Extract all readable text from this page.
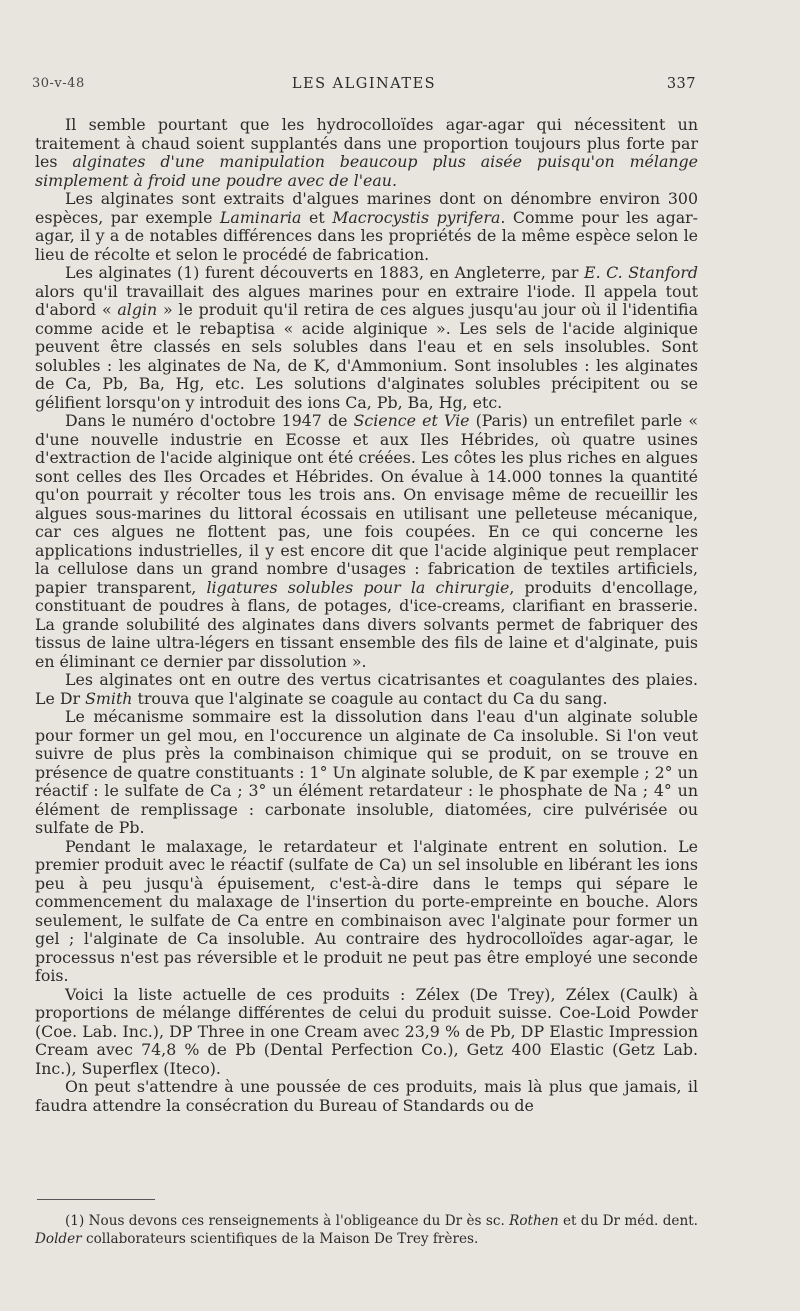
30-v-48	LES ALGINATES	337

Il semble pourtant que les hydrocolloïdes agar-agar qui nécessitent un traitement à chaud soient supplantés dans une proportion toujours plus forte par les alginates d'une manipulation beaucoup plus aisée puisqu'on mélange simplement à froid une poudre avec de l'eau.

Les alginates sont extraits d'algues marines dont on dénombre environ 300 espèces, par exemple Laminaria et Macrocystis pyrifera. Comme pour les agar-agar, il y a de notables différences dans les propriétés de la même espèce selon le lieu de récolte et selon le procédé de fabrication.

Les alginates (1) furent découverts en 1883, en Angleterre, par E. C. Stanford alors qu'il travaillait des algues marines pour en extraire l'iode. Il appela tout d'abord « algin » le produit qu'il retira de ces algues jusqu'au jour où il l'identifia comme acide et le rebaptisa « acide alginique ». Les sels de l'acide alginique peuvent être classés en sels solubles dans l'eau et en sels insolubles. Sont solubles : les alginates de Na, de K, d'Ammonium. Sont insolubles : les alginates de Ca, Pb, Ba, Hg, etc. Les solutions d'alginates solubles précipitent ou se gélifient lorsqu'on y introduit des ions Ca, Pb, Ba, Hg, etc.

Dans le numéro d'octobre 1947 de Science et Vie (Paris) un entrefilet parle « d'une nouvelle industrie en Ecosse et aux Iles Hébrides, où quatre usines d'extraction de l'acide alginique ont été créées. Les côtes les plus riches en algues sont celles des Iles Orcades et Hébrides. On évalue à 14.000 tonnes la quantité qu'on pourrait y récolter tous les trois ans. On envisage même de recueillir les algues sous-marines du littoral écossais en utilisant une pelleteuse mécanique, car ces algues ne flottent pas, une fois coupées. En ce qui concerne les applications industrielles, il y est encore dit que l'acide alginique peut remplacer la cellulose dans un grand nombre d'usages : fabrication de textiles artificiels, papier transparent, ligatures solubles pour la chirurgie, produits d'encollage, constituant de poudres à flans, de potages, d'ice-creams, clarifiant en brasserie. La grande solubilité des alginates dans divers solvants permet de fabriquer des tissus de laine ultra-légers en tissant ensemble des fils de laine et d'alginate, puis en éliminant ce dernier par dissolution ».

Les alginates ont en outre des vertus cicatrisantes et coagulantes des plaies. Le Dr Smith trouva que l'alginate se coagule au contact du Ca du sang.

Le mécanisme sommaire est la dissolution dans l'eau d'un alginate soluble pour former un gel mou, en l'occurence un alginate de Ca insoluble. Si l'on veut suivre de plus près la combinaison chimique qui se produit, on se trouve en présence de quatre constituants : 1° Un alginate soluble, de K par exemple ; 2° un réactif : le sulfate de Ca ; 3° un élément retardateur : le phosphate de Na ; 4° un élément de remplissage : carbonate insoluble, diatomées, cire pulvérisée ou sulfate de Pb.

Pendant le malaxage, le retardateur et l'alginate entrent en solution. Le premier produit avec le réactif (sulfate de Ca) un sel insoluble en libérant les ions peu à peu jusqu'à épuisement, c'est-à-dire dans le temps qui sépare le commencement du malaxage de l'insertion du porte-empreinte en bouche. Alors seulement, le sulfate de Ca entre en combinaison avec l'alginate pour former un gel ; l'alginate de Ca insoluble. Au contraire des hydrocolloïdes agar-agar, le processus n'est pas réversible et le produit ne peut pas être employé une seconde fois.

Voici la liste actuelle de ces produits : Zélex (De Trey), Zélex (Caulk) à proportions de mélange différentes de celui du produit suisse. Coe-Loid Powder (Coe. Lab. Inc.), DP Three in one Cream avec 23,9 % de Pb, DP Elastic Impression Cream avec 74,8 % de Pb (Dental Perfection Co.), Getz 400 Elastic (Getz Lab. Inc.), Superflex (Iteco).

On peut s'attendre à une poussée de ces produits, mais là plus que jamais, il faudra attendre la consécration du Bureau of Standards ou de

(1) Nous devons ces renseignements à l'obligeance du Dr ès sc. Rothen et du Dr méd. dent. Dolder collaborateurs scientifiques de la Maison De Trey frères.
